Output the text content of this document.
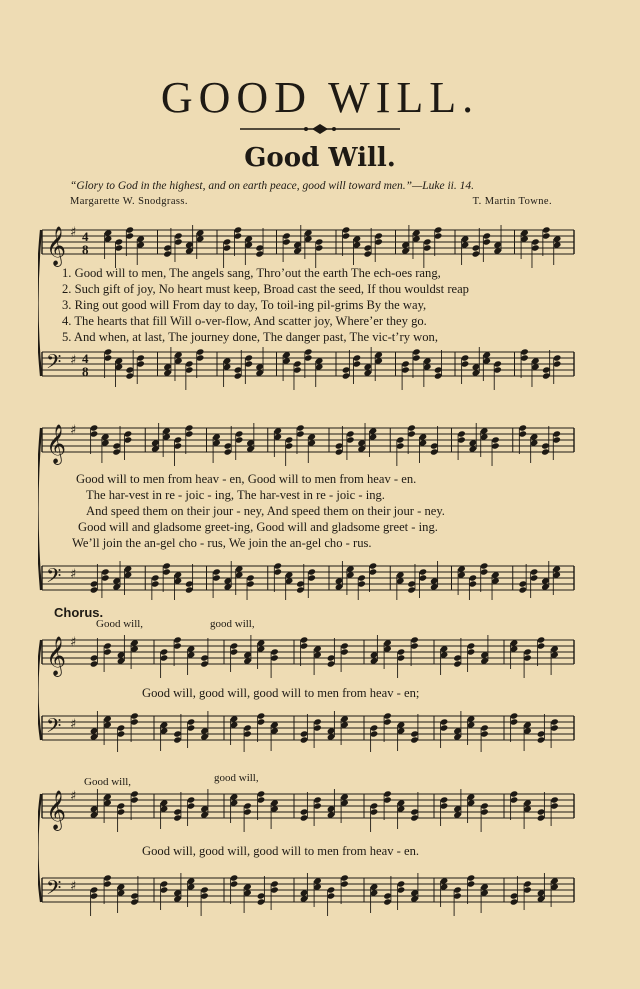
GOOD WILL.
Good Will.
“Glory to God in the highest, and on earth peace, good will toward men.”—Luke ii. 14.
Margarette W. Snodgrass.	T. Martin Towne.
𝄞 ♯ 4
8
𝄢 ♯ 4
8
1. Good will to men, The angels sang, Thro’out the earth The ech-oes rang,
2. Such gift of joy, No heart must keep, Broad cast the seed, If thou wouldst reap
3. Ring out good will From day to day, To toil-ing pil-grims By the way,
4. The hearts that fill Will o-ver-flow, And scatter joy, Where’er they go.
5. And when, at last, The journey done, The danger past, The vic-t’ry won,
𝄞 ♯
𝄢 ♯
Good will to men from heav - en, Good will to men from heav - en.
The har-vest in re - joic - ing, The har-vest in re - joic - ing.
And speed them on their jour - ney, And speed them on their jour - ney.
Good will and gladsome greet-ing, Good will and gladsome greet - ing.
We’ll join the an-gel cho - rus, We join the an-gel cho - rus.
Chorus.
𝄞 ♯
𝄢 ♯
Good will,	good will,
Good will, good will, good will to men from heav - en;
𝄞 ♯
𝄢 ♯
Good will,	good will,
Good will, good will, good will to men from heav - en.
